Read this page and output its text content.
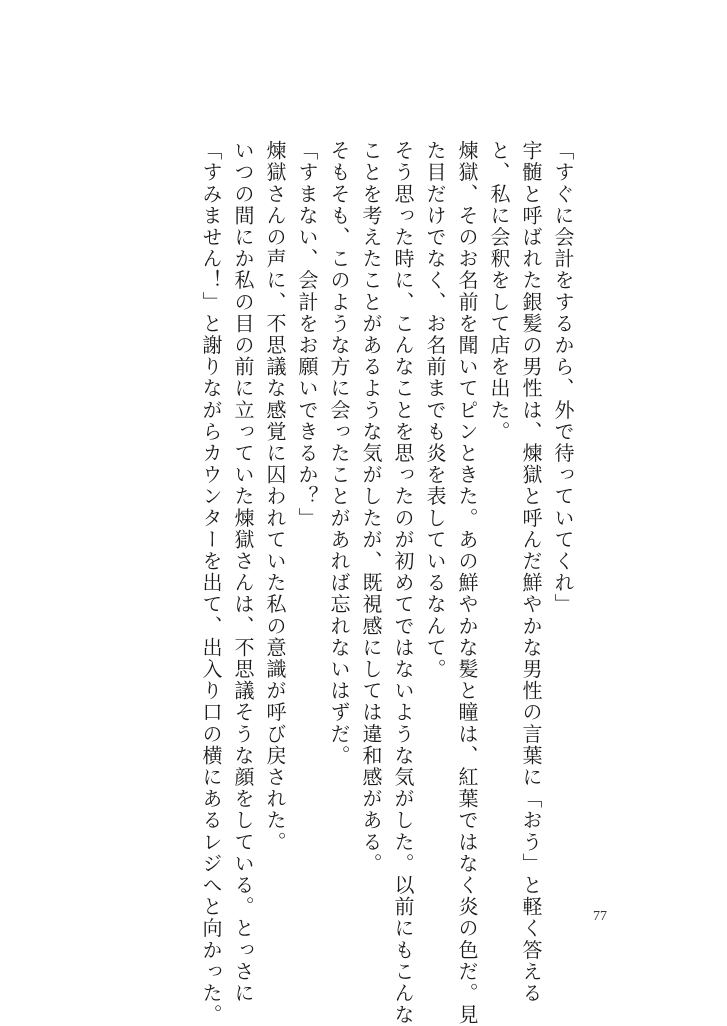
「すぐに会計をするから、外で待っていてくれ」
宇髄と呼ばれた銀髪の男性は、煉獄と呼んだ鮮やかな男性の言葉に「おう」と軽く答える
と、私に会釈をして店を出た。
煉獄、そのお名前を聞いてピンときた。あの鮮やかな髪と瞳は、紅葉ではなく炎の色だ。見
た目だけでなく、お名前までも炎を表しているなんて。
そう思った時に、こんなことを思ったのが初めてではないような気がした。以前にもこんな
ことを考えたことがあるような気がしたが、既視感にしては違和感がある。
そもそも、このような方に会ったことがあれば忘れないはずだ。
「すまない、会計をお願いできるか？」
煉獄さんの声に、不思議な感覚に囚われていた私の意識が呼び戻された。
いつの間にか私の目の前に立っていた煉獄さんは、不思議そうな顔をしている。とっさに
「すみません！」と謝りながらカウンターを出て、出入り口の横にあるレジへと向かった。	77
